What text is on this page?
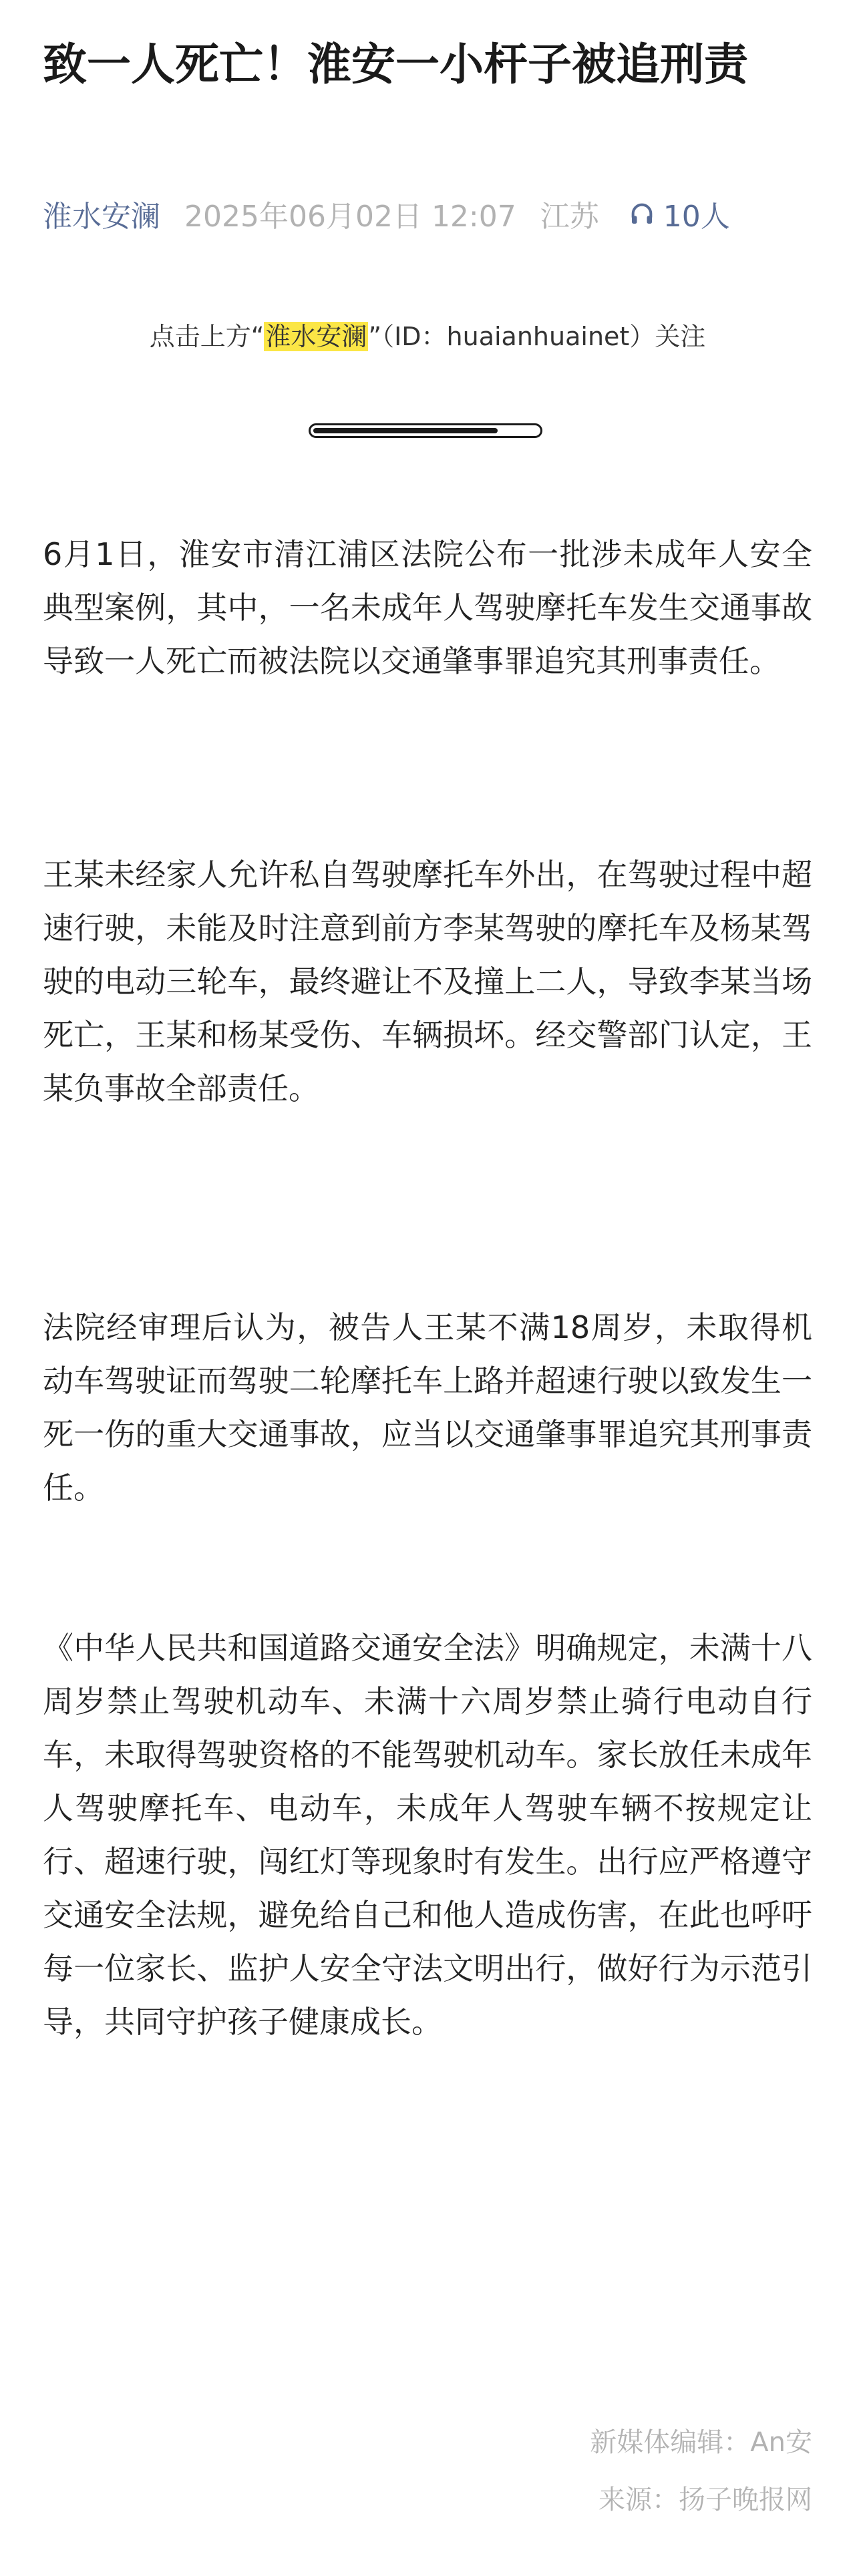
致一人死亡！淮安一小杆子被追刑责
淮水安澜 2025年06月02日 12:07 江苏 10人
点击上方“淮水安澜”（ID：huaianhuainet）关注

6月1日，淮安市清江浦区法院公布一批涉未成年人安全典型案例，其中，一名未成年人驾驶摩托车发生交通事故导致一人死亡而被法院以交通肇事罪追究其刑事责任。

王某未经家人允许私自驾驶摩托车外出，在驾驶过程中超速行驶，未能及时注意到前方李某驾驶的摩托车及杨某驾驶的电动三轮车，最终避让不及撞上二人，导致李某当场死亡，王某和杨某受伤、车辆损坏。经交警部门认定，王某负事故全部责任。

法院经审理后认为，被告人王某不满18周岁，未取得机动车驾驶证而驾驶二轮摩托车上路并超速行驶以致发生一死一伤的重大交通事故，应当以交通肇事罪追究其刑事责任。

《中华人民共和国道路交通安全法》明确规定，未满十八周岁禁止驾驶机动车、未满十六周岁禁止骑行电动自行车，未取得驾驶资格的不能驾驶机动车。家长放任未成年人驾驶摩托车、电动车，未成年人驾驶车辆不按规定让行、超速行驶，闯红灯等现象时有发生。出行应严格遵守交通安全法规，避免给自己和他人造成伤害，在此也呼吁每一位家长、监护人安全守法文明出行，做好行为示范引导，共同守护孩子健康成长。

新媒体编辑：An安
来源：扬子晚报网
